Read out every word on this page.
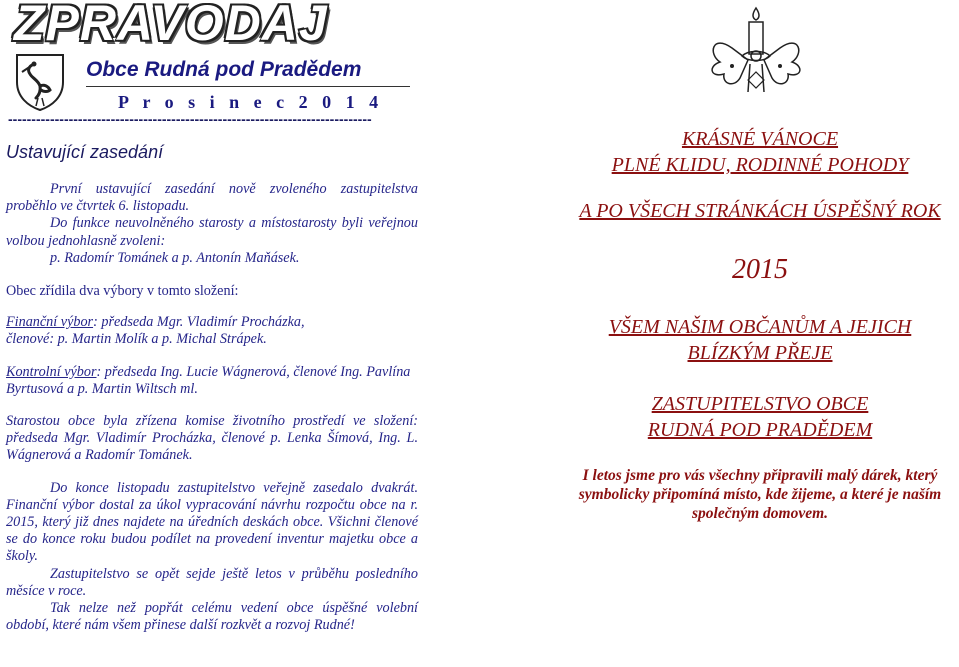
ZPRAVODAJ
Obce Rudná pod Pradědem
P r o s i n e c 2 0 1 4
------------------------------------------------------------------------------
Ustavující zasedání

První ustavující zasedání nově zvoleného zastupitelstva proběhlo ve čtvrtek 6. listopadu.

Do funkce neuvolněného starosty a místostarosty byli veřejnou volbou jednohlasně zvoleni:

p. Radomír Tománek a p. Antonín Maňásek.

Obec zřídila dva výbory v tomto složení:

Finanční výbor: předseda Mgr. Vladimír Procházka,

členové: p. Martin Molík a p. Michal Strápek.

Kontrolní výbor: předseda Ing. Lucie Wágnerová, členové Ing. Pavlína Byrtusová a p. Martin Wiltsch ml.

Starostou obce byla zřízena komise životního prostředí ve složení: předseda Mgr. Vladimír Procházka, členové p. Lenka Šímová, Ing. L. Wágnerová a Radomír Tománek.

Do konce listopadu zastupitelstvo veřejně zasedalo dvakrát. Finanční výbor dostal za úkol vypracování návrhu rozpočtu obce na r. 2015, který již dnes najdete na úředních deskách obce. Všichni členové se do konce roku budou podílet na provedení inventur majetku obce a školy.

Zastupitelstvo se opět sejde ještě letos v průběhu posledního měsíce v roce.

Tak nelze než popřát celému vedení obce úspěšné volební období, které nám všem přinese další rozkvět a rozvoj Rudné!

KRÁSNÉ VÁNOCE
PLNÉ KLIDU, RODINNÉ POHODY
A PO VŠECH STRÁNKÁCH ÚSPĚŠNÝ ROK
2015
VŠEM NAŠIM OBČANŮM A JEJICH
BLÍZKÝM PŘEJE
ZASTUPITELSTVO OBCE
RUDNÁ POD PRADĚDEM
I letos jsme pro vás všechny připravili malý dárek, který symbolicky připomíná místo, kde žijeme, a které je naším společným domovem.
